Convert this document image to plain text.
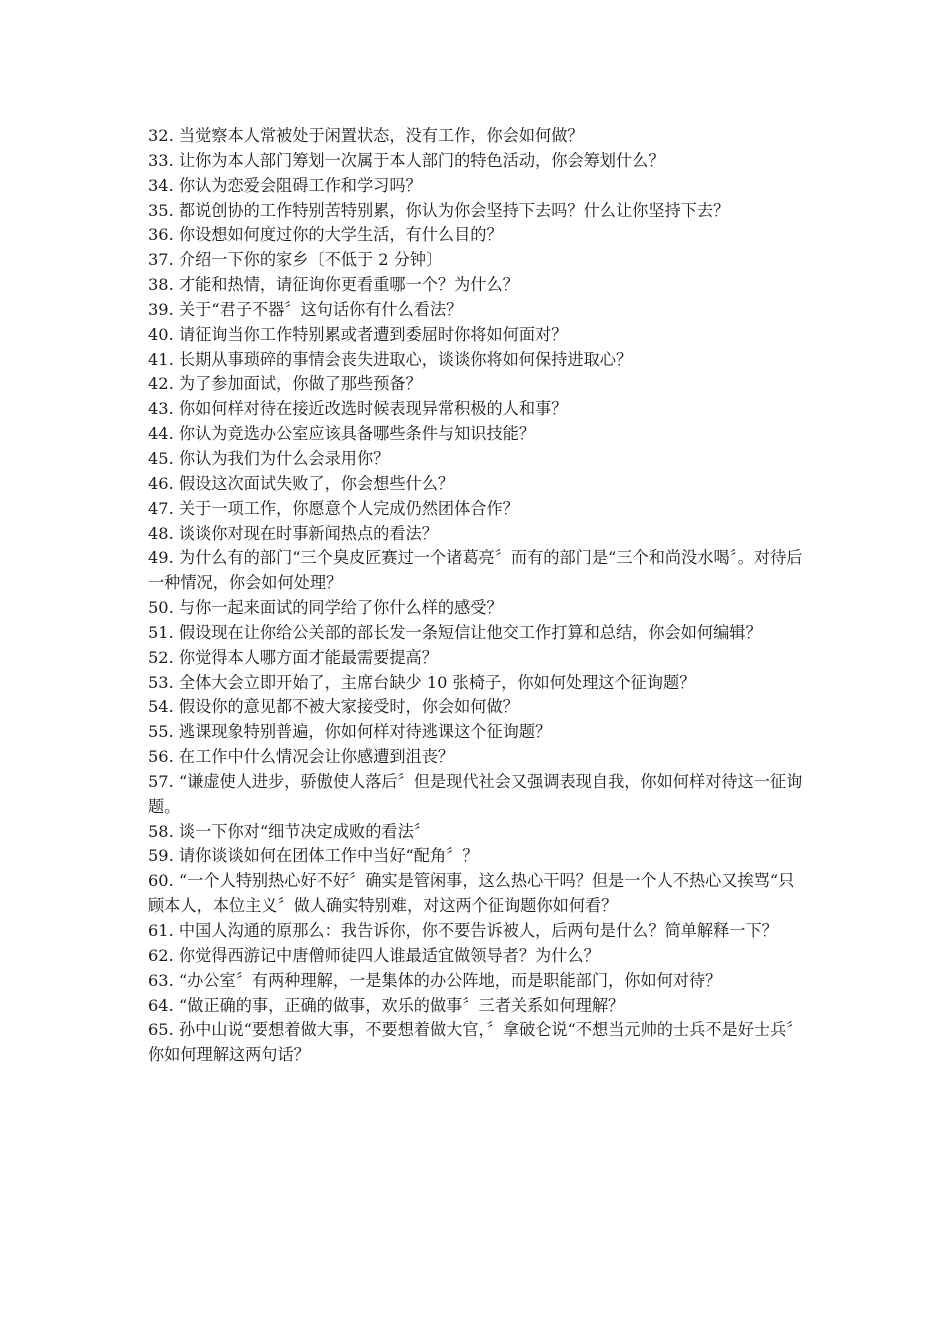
32. 当觉察本人常被处于闲置状态，没有工作，你会如何做？

33. 让你为本人部门筹划一次属于本人部门的特色活动，你会筹划什么？

34. 你认为恋爱会阻碍工作和学习吗？

35. 都说创协的工作特别苦特别累，你认为你会坚持下去吗？什么让你坚持下去？

36. 你设想如何度过你的大学生活，有什么目的？

37. 介绍一下你的家乡〔不低于 2 分钟〕

38. 才能和热情，请征询你更看重哪一个？为什么？

39. 关于“君子不器〞这句话你有什么看法？

40. 请征询当你工作特别累或者遭到委屈时你将如何面对？

41. 长期从事琐碎的事情会丧失进取心，谈谈你将如何保持进取心？

42. 为了参加面试，你做了那些预备？

43. 你如何样对待在接近改选时候表现异常积极的人和事？

44. 你认为竞选办公室应该具备哪些条件与知识技能？

45. 你认为我们为什么会录用你？

46. 假设这次面试失败了，你会想些什么？

47. 关于一项工作，你愿意个人完成仍然团体合作？

48. 谈谈你对现在时事新闻热点的看法？

49. 为什么有的部门“三个臭皮匠赛过一个诸葛亮〞而有的部门是“三个和尚没水喝〞。对待后一种情况，你会如何处理？

50. 与你一起来面试的同学给了你什么样的感受？

51. 假设现在让你给公关部的部长发一条短信让他交工作打算和总结，你会如何编辑？

52. 你觉得本人哪方面才能最需要提高？

53. 全体大会立即开始了，主席台缺少 10 张椅子，你如何处理这个征询题？

54. 假设你的意见都不被大家接受时，你会如何做？

55. 逃课现象特别普遍，你如何样对待逃课这个征询题？

56. 在工作中什么情况会让你感遭到沮丧？

57. “谦虚使人进步，骄傲使人落后〞但是现代社会又强调表现自我，你如何样对待这一征询题。

58. 谈一下你对“细节决定成败的看法〞

59. 请你谈谈如何在团体工作中当好“配角〞？

60. “一个人特别热心好不好〞确实是管闲事，这么热心干吗？但是一个人不热心又挨骂“只顾本人，本位主义〞做人确实特别难，对这两个征询题你如何看？

61. 中国人沟通的原那么：我告诉你，你不要告诉被人，后两句是什么？简单解释一下？

62. 你觉得西游记中唐僧师徒四人谁最适宜做领导者？为什么？

63. “办公室〞有两种理解，一是集体的办公阵地，而是职能部门，你如何对待？

64. “做正确的事，正确的做事，欢乐的做事〞三者关系如何理解？

65. 孙中山说“要想着做大事，不要想着做大官，〞拿破仑说“不想当元帅的士兵不是好士兵〞你如何理解这两句话？
